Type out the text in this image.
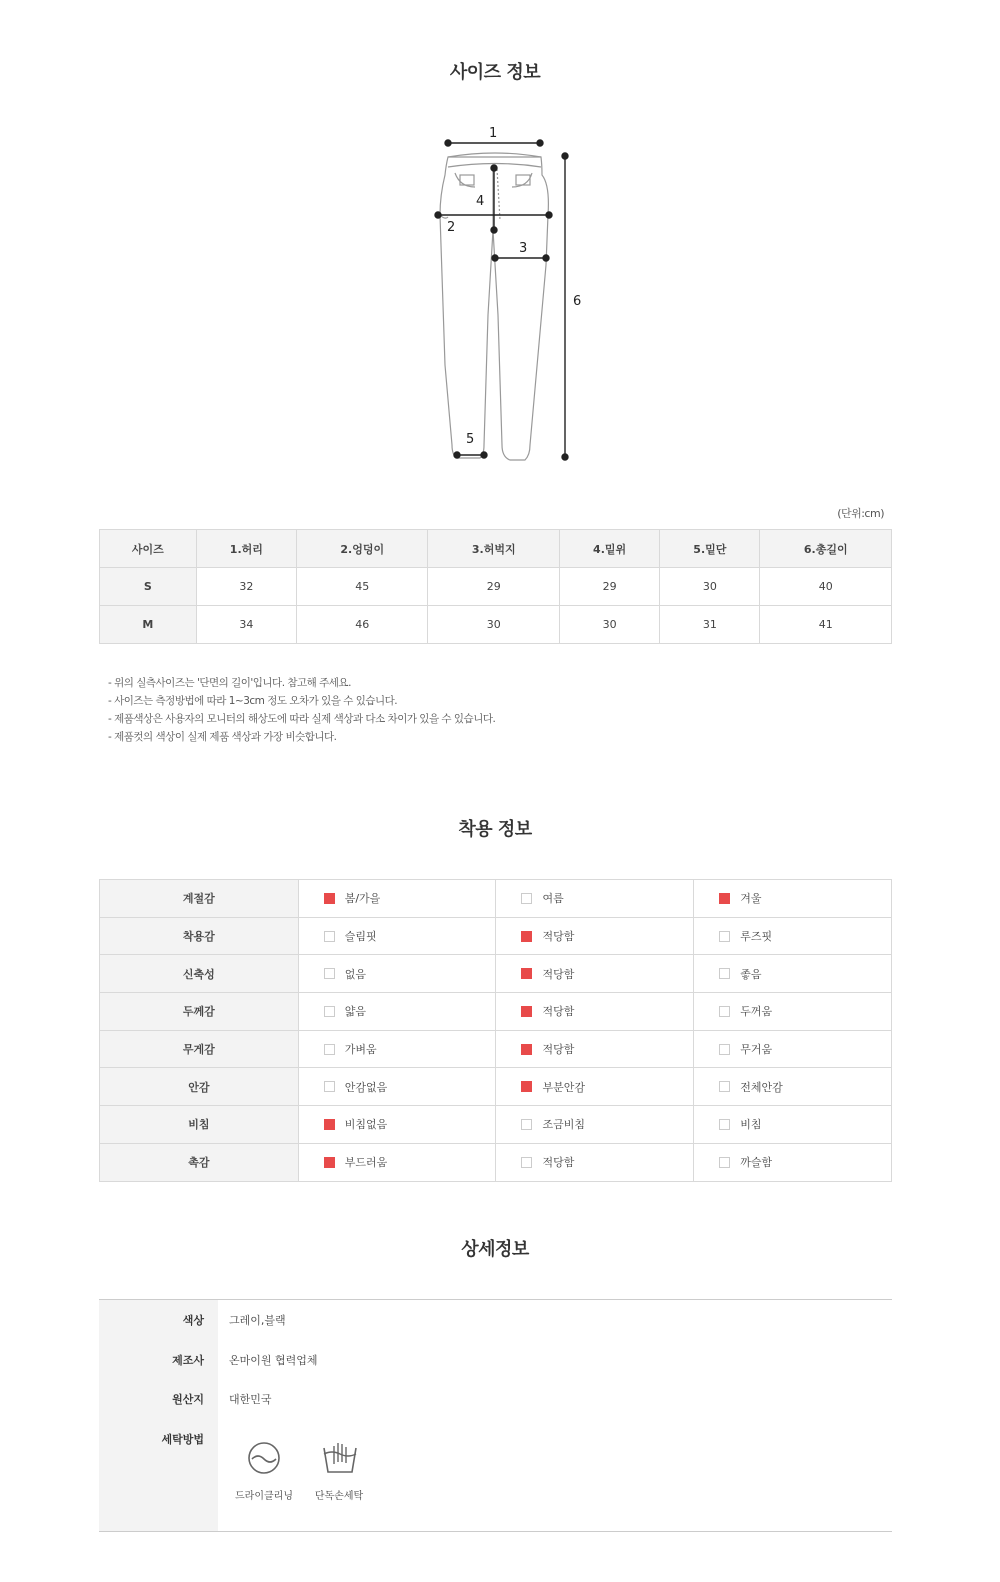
사이즈 정보
1
2
3
4
5
6
(단위:cm)
사이즈	1.허리	2.엉덩이	3.허벅지	4.밑위	5.밑단	6.총길이
S	32	45	29	29	30	40
M	34	46	30	30	31	41
- 위의 실측사이즈는 '단면의 길이'입니다. 참고해 주세요.
- 사이즈는 측정방법에 따라 1~3cm 정도 오차가 있을 수 있습니다.
- 제품색상은 사용자의 모니터의 해상도에 따라 실제 색상과 다소 차이가 있을 수 있습니다.
- 제품컷의 색상이 실제 제품 색상과 가장 비슷합니다.
착용 정보
계절감	봄/가을	여름	겨울
착용감	슬림핏	적당함	루즈핏
신축성	없음	적당함	좋음
두께감	얇음	적당함	두꺼움
무게감	가벼움	적당함	무거움
안감	안감없음	부분안감	전체안감
비침	비침없음	조금비침	비침
촉감	부드러움	적당함	까슬함
상세정보
색상 그레이,블랙
제조사 온마이원 협력업체
원산지 대한민국
세탁방법
드라이클리닝	단독손세탁
